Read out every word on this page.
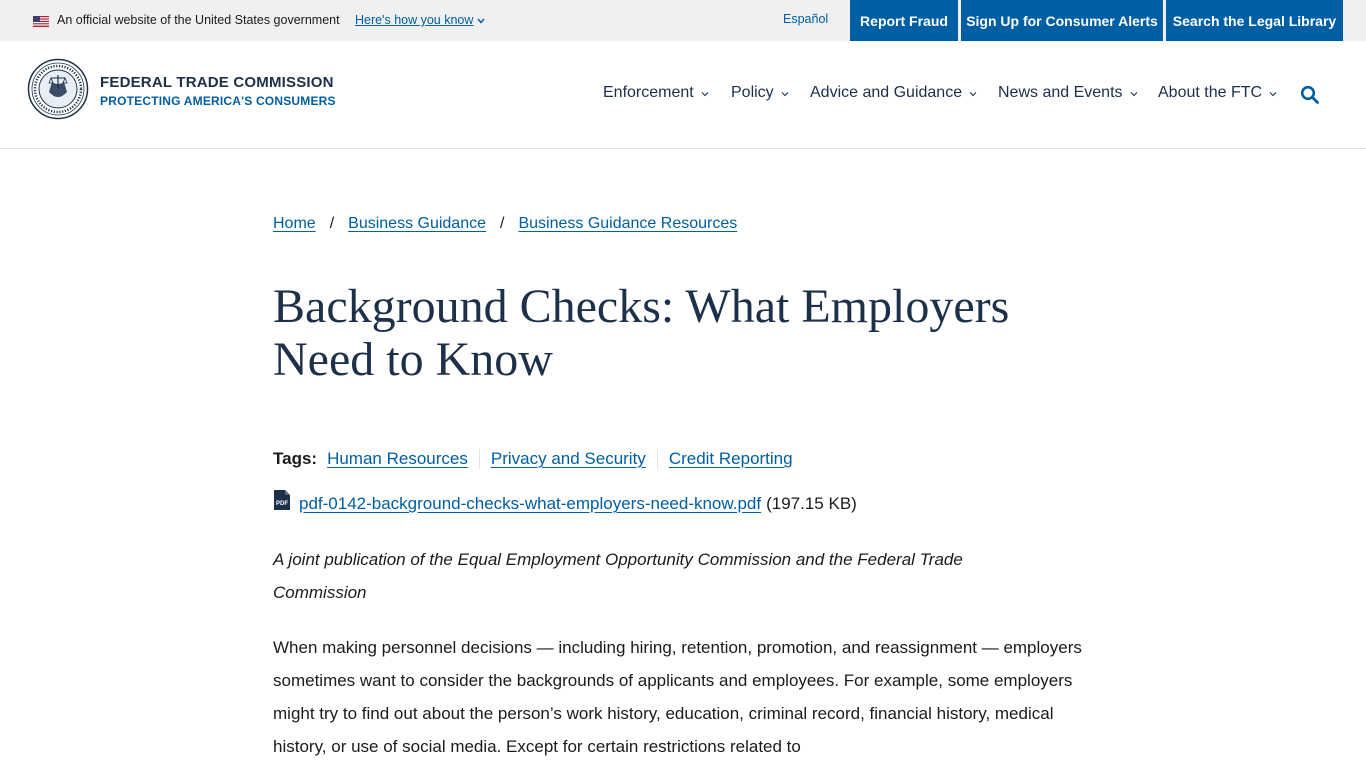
An official website of the United States government Here's how you know	Español	Report Fraud	Sign Up for Consumer Alerts	Search the Legal Library
FEDERAL TRADE COMMISSION
PROTECTING AMERICA'S CONSUMERS	Enforcement Policy Advice and Guidance News and Events About the FTC
Home / Business Guidance / Business Guidance Resources
Background Checks: What Employers Need to Know
Tags: Human Resources Privacy and Security Credit Reporting
PDF pdf-0142-background-checks-what-employers-need-know.pdf (197.15 KB)

A joint publication of the Equal Employment Opportunity Commission and the Federal Trade Commission

When making personnel decisions — including hiring, retention, promotion, and reassignment — employers sometimes want to consider the backgrounds of applicants and employees. For example, some employers might try to find out about the person’s work history, education, criminal record, financial history, medical history, or use of social media. Except for certain restrictions related to
